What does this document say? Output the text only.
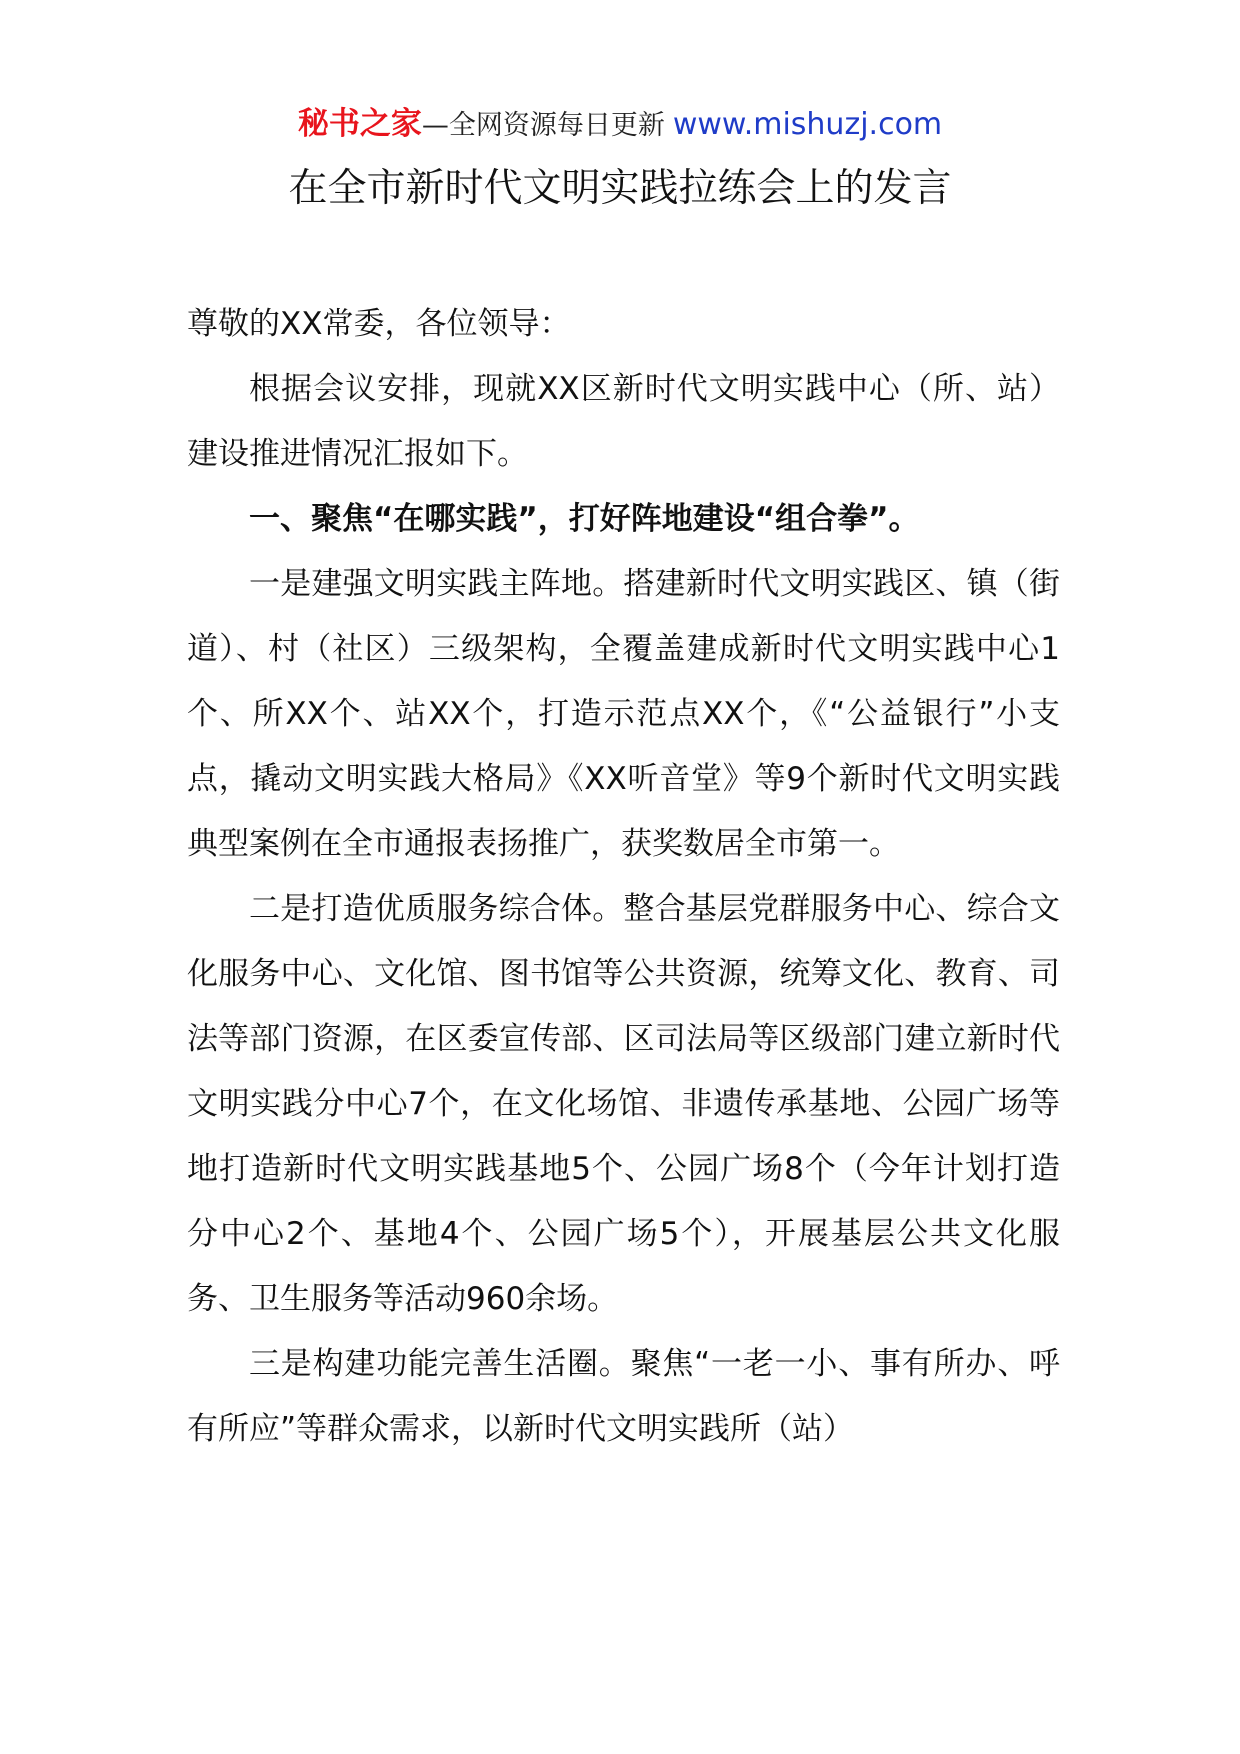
秘书之家—全网资源每日更新 www.mishuzj.com
在全市新时代文明实践拉练会上的发言

尊敬的XX常委，各位领导：

根据会议安排，现就XX区新时代文明实践中心（所、站）建设推进情况汇报如下。

一、聚焦“在哪实践”，打好阵地建设“组合拳”。

一是建强文明实践主阵地。搭建新时代文明实践区、镇（街道）、村（社区）三级架构，全覆盖建成新时代文明实践中心1个、所XX个、站XX个，打造示范点XX个，《“公益银行”小支点，撬动文明实践大格局》《XX听音堂》等9个新时代文明实践典型案例在全市通报表扬推广，获奖数居全市第一。

二是打造优质服务综合体。整合基层党群服务中心、综合文化服务中心、文化馆、图书馆等公共资源，统筹文化、教育、司法等部门资源，在区委宣传部、区司法局等区级部门建立新时代文明实践分中心7个，在文化场馆、非遗传承基地、公园广场等地打造新时代文明实践基地5个、公园广场8个（今年计划打造分中心2个、基地4个、公园广场5个），开展基层公共文化服务、卫生服务等活动960余场。

三是构建功能完善生活圈。聚焦“一老一小、事有所办、呼有所应”等群众需求，以新时代文明实践所（站）
